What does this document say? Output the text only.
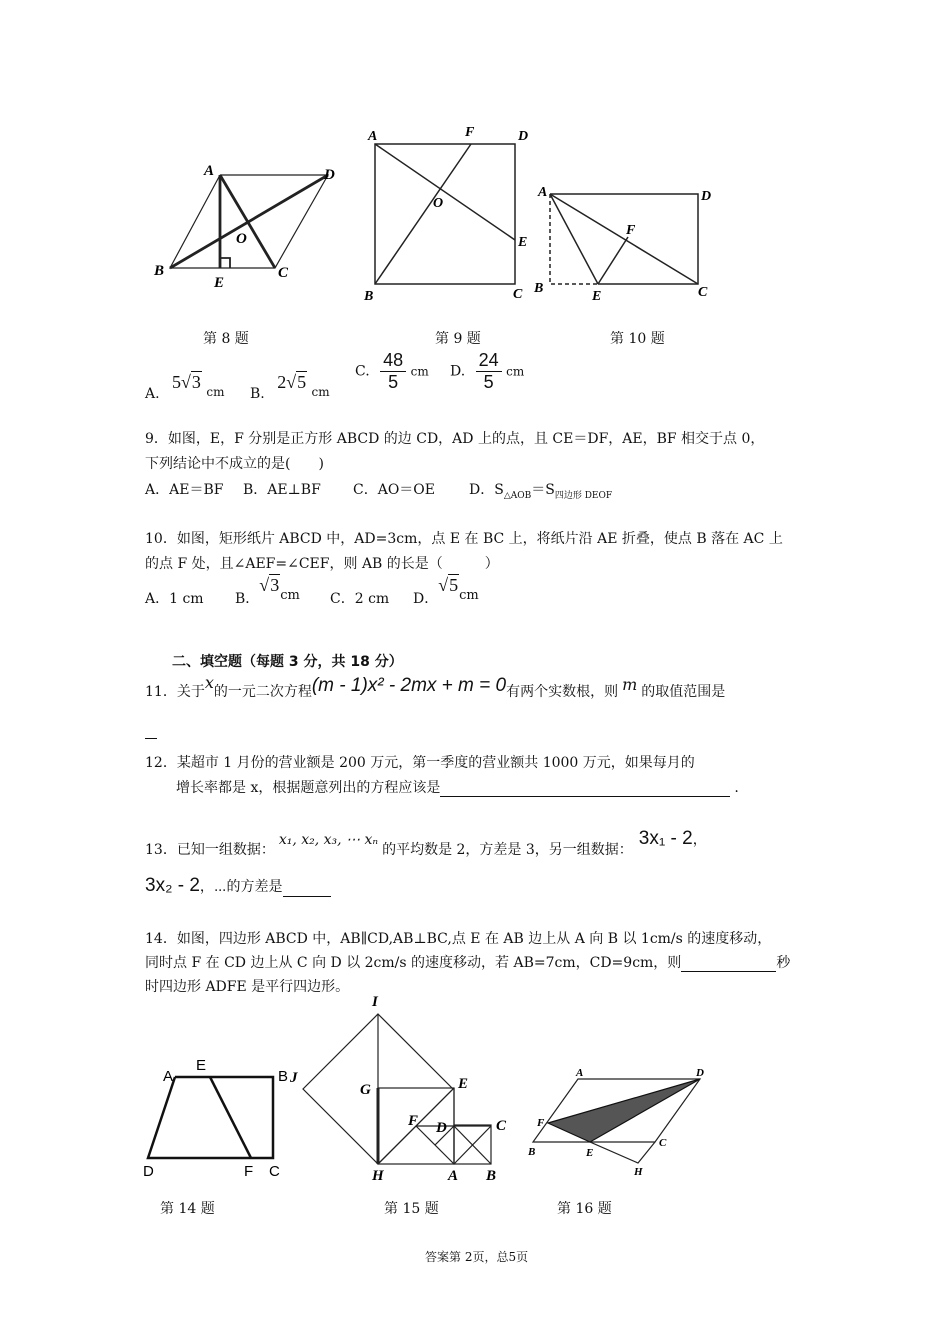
A	D
O
B
E
C
A	F	D
O
E
B	C
A	D
F
B
E	C
第 8 题	第 9 题	第 10 题
A. 5√3 cm B. 2√5 cm
C. $\frac{48}{5}$ cm D. $\frac{24}{5}$ cm
9．如图，E，F 分别是正方形 ABCD 的边 CD，AD 上的点，且 CE＝DF，AE，BF 相交于点 0，
下列结论中不成立的是(　　)
A．AE＝BF B．AE⊥BF C．AO＝OE D．$S_{\triangle AOB}=S_{四边形 DEOF}$
10．如图，矩形纸片 ABCD 中，AD=3cm，点 E 在 BC 上，将纸片沿 AE 折叠，使点 B 落在 AC 上
的点 F 处，且∠AEF=∠CEF，则 AB 的长是（　　　）
A．1 cm B．√3cm C．2 cm D．√5cm
二、填空题（每题 3 分，共 18 分）
11．关于x的一元二次方程(m - 1)x² - 2mx + m = 0有两个实数根，则 m 的取值范围是
12．某超市 1 月份的营业额是 200 万元，第一季度的营业额共 1000 万元，如果每月的
增长率都是 x，根据题意列出的方程应该是	.
13．已知一组数据：x₁, x₂, x₃, ⋯ xₙ的平均数是 2，方差是 3，另一组数据：3x₁ - 2，
3x₂ - 2，⋯的方差是
14．如图，四边形 ABCD 中，AB∥CD,AB⊥BC,点 E 在 AB 边上从 A 向 B 以 1cm/s 的速度移动，
同时点 F 在 CD 边上从 C 向 D 以 2cm/s 的速度移动，若 AB=7cm，CD=9cm，则	秒
时四边形 ADFE 是平行四边形。
A
E
B
D	F C
I
J
G	E
F D	C
H	A B
A	D
F
C
B	E
H
第 14 题	第 15 题	第 16 题
答案第 2页，总5页
